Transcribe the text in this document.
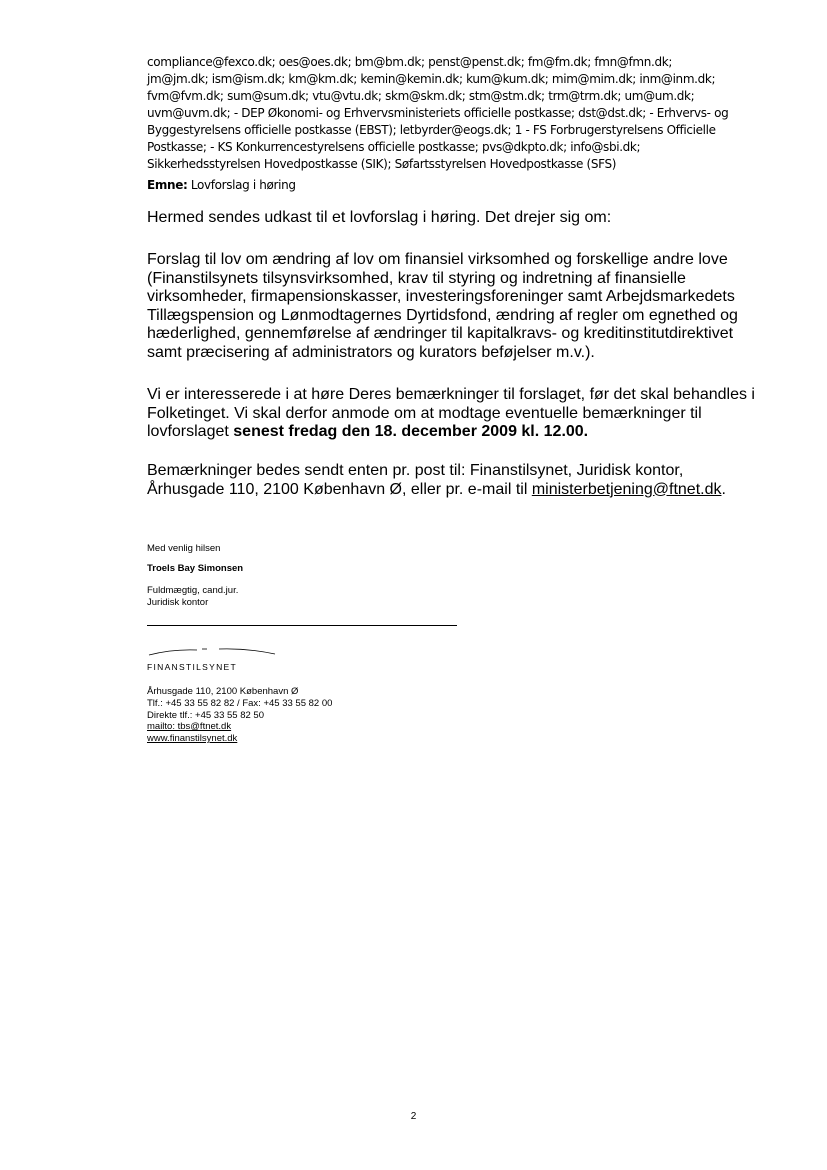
compliance@fexco.dk; oes@oes.dk; bm@bm.dk; penst@penst.dk; fm@fm.dk; fmn@fmn.dk;

jm@jm.dk; ism@ism.dk; km@km.dk; kemin@kemin.dk; kum@kum.dk; mim@mim.dk; inm@inm.dk;

fvm@fvm.dk; sum@sum.dk; vtu@vtu.dk; skm@skm.dk; stm@stm.dk; trm@trm.dk; um@um.dk;

uvm@uvm.dk; - DEP Økonomi- og Erhvervsministeriets officielle postkasse; dst@dst.dk; - Erhvervs- og

Byggestyrelsens officielle postkasse (EBST); letbyrder@eogs.dk; 1 - FS Forbrugerstyrelsens Officielle

Postkasse; - KS Konkurrencestyrelsens officielle postkasse; pvs@dkpto.dk; info@sbi.dk;

Sikkerhedsstyrelsen Hovedpostkasse (SIK); Søfartsstyrelsen Hovedpostkasse (SFS)

Emne: Lovforslag i høring

Hermed sendes udkast til et lovforslag i høring. Det drejer sig om:

Forslag til lov om ændring af lov om finansiel virksomhed og forskellige andre love

(Finanstilsynets tilsynsvirksomhed, krav til styring og indretning af finansielle

virksomheder, firmapensionskasser, investeringsforeninger samt Arbejdsmarkedets

Tillægspension og Lønmodtagernes Dyrtidsfond, ændring af regler om egnethed og

hæderlighed, gennemførelse af ændringer til kapitalkravs- og kreditinstitutdirektivet

samt præcisering af administrators og kurators beføjelser m.v.).

Vi er interesserede i at høre Deres bemærkninger til forslaget, før det skal behandles i

Folketinget. Vi skal derfor anmode om at modtage eventuelle bemærkninger til

lovforslaget senest fredag den 18. december 2009 kl. 12.00.

Bemærkninger bedes sendt enten pr. post til: Finanstilsynet, Juridisk kontor,

Århusgade 110, 2100 København Ø, eller pr. e-mail til ministerbetjening@ftnet.dk.

Med venlig hilsen

Troels Bay Simonsen

Fuldmægtig, cand.jur.

Juridisk kontor

FINANSTILSYNET

Århusgade 110, 2100 København Ø

Tlf.: +45 33 55 82 82 / Fax: +45 33 55 82 00

Direkte tlf.: +45 33 55 82 50

mailto: tbs@ftnet.dk

www.finanstilsynet.dk

2
